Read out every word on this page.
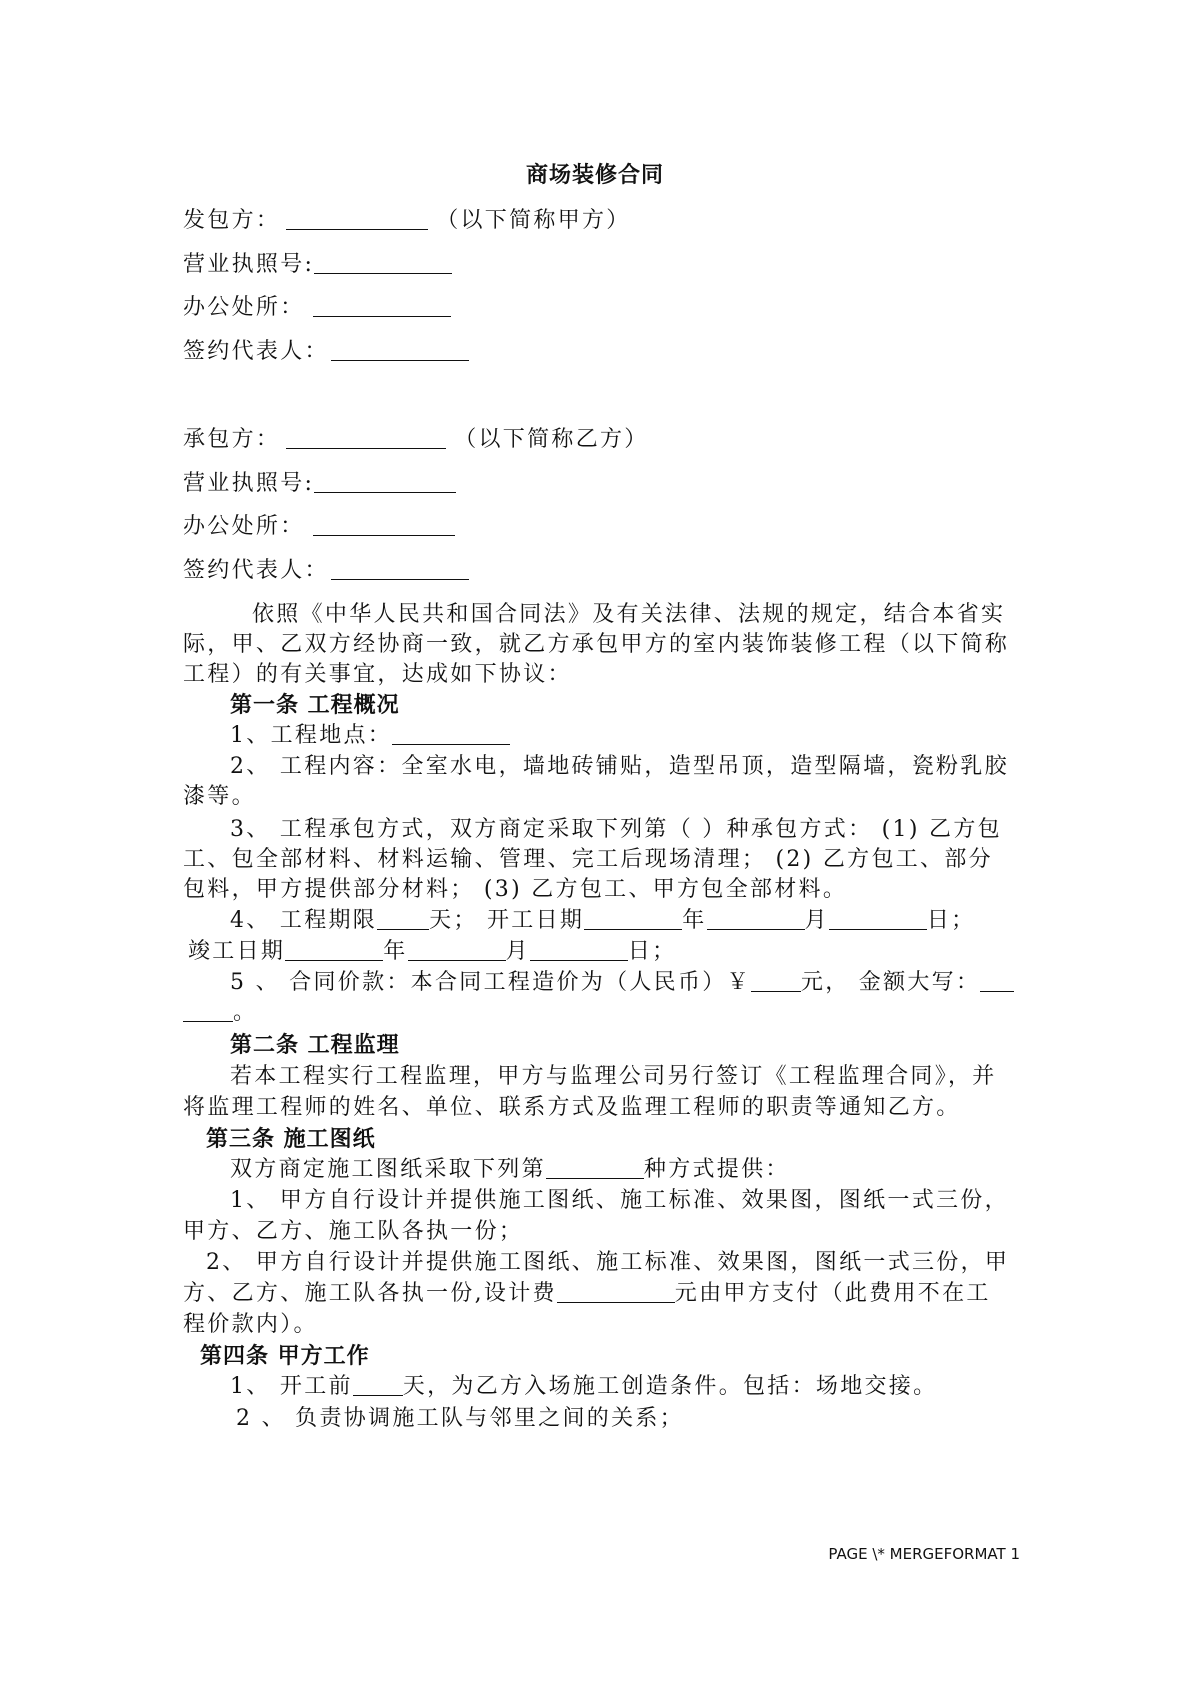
商场装修合同
发包方：	（以下简称甲方）
营业执照号:
办公处所：
签约代表人：
承包方：	（以下简称乙方）
营业执照号:
办公处所：
签约代表人：
依照《中华人民共和国合同法》及有关法律、法规的规定，结合本省实
际，甲、乙双方经协商一致，就乙方承包甲方的室内装饰装修工程（以下简称
工程）的有关事宜，达成如下协议：
第一条 工程概况
1、工程地点：
2、 工程内容：全室水电，墙地砖铺贴，造型吊顶，造型隔墙，瓷粉乳胶
漆等。
3、 工程承包方式，双方商定采取下列第（ ）种承包方式： (1) 乙方包
工、包全部材料、材料运输、管理、完工后现场清理； (2) 乙方包工、部分
包料，甲方提供部分材料； (3) 乙方包工、甲方包全部材料。
4、 工程期限 天； 开工日期	年	月	日；
竣工日期	年	月	日；
5 、 合同价款：本合同工程造价为（人民币）￥ 元， 金额大写：
。
第二条 工程监理
若本工程实行工程监理，甲方与监理公司另行签订《工程监理合同》，并
将监理工程师的姓名、单位、联系方式及监理工程师的职责等通知乙方。
第三条 施工图纸
双方商定施工图纸采取下列第	种方式提供：
1、 甲方自行设计并提供施工图纸、施工标准、效果图，图纸一式三份，
甲方、乙方、施工队各执一份；
2、 甲方自行设计并提供施工图纸、施工标准、效果图，图纸一式三份，甲
方、乙方、施工队各执一份,设计费	元由甲方支付（此费用不在工
程价款内）。
第四条 甲方工作
1、 开工前 天，为乙方入场施工创造条件。包括：场地交接。
2 、 负责协调施工队与邻里之间的关系；
PAGE \* MERGEFORMAT 1
